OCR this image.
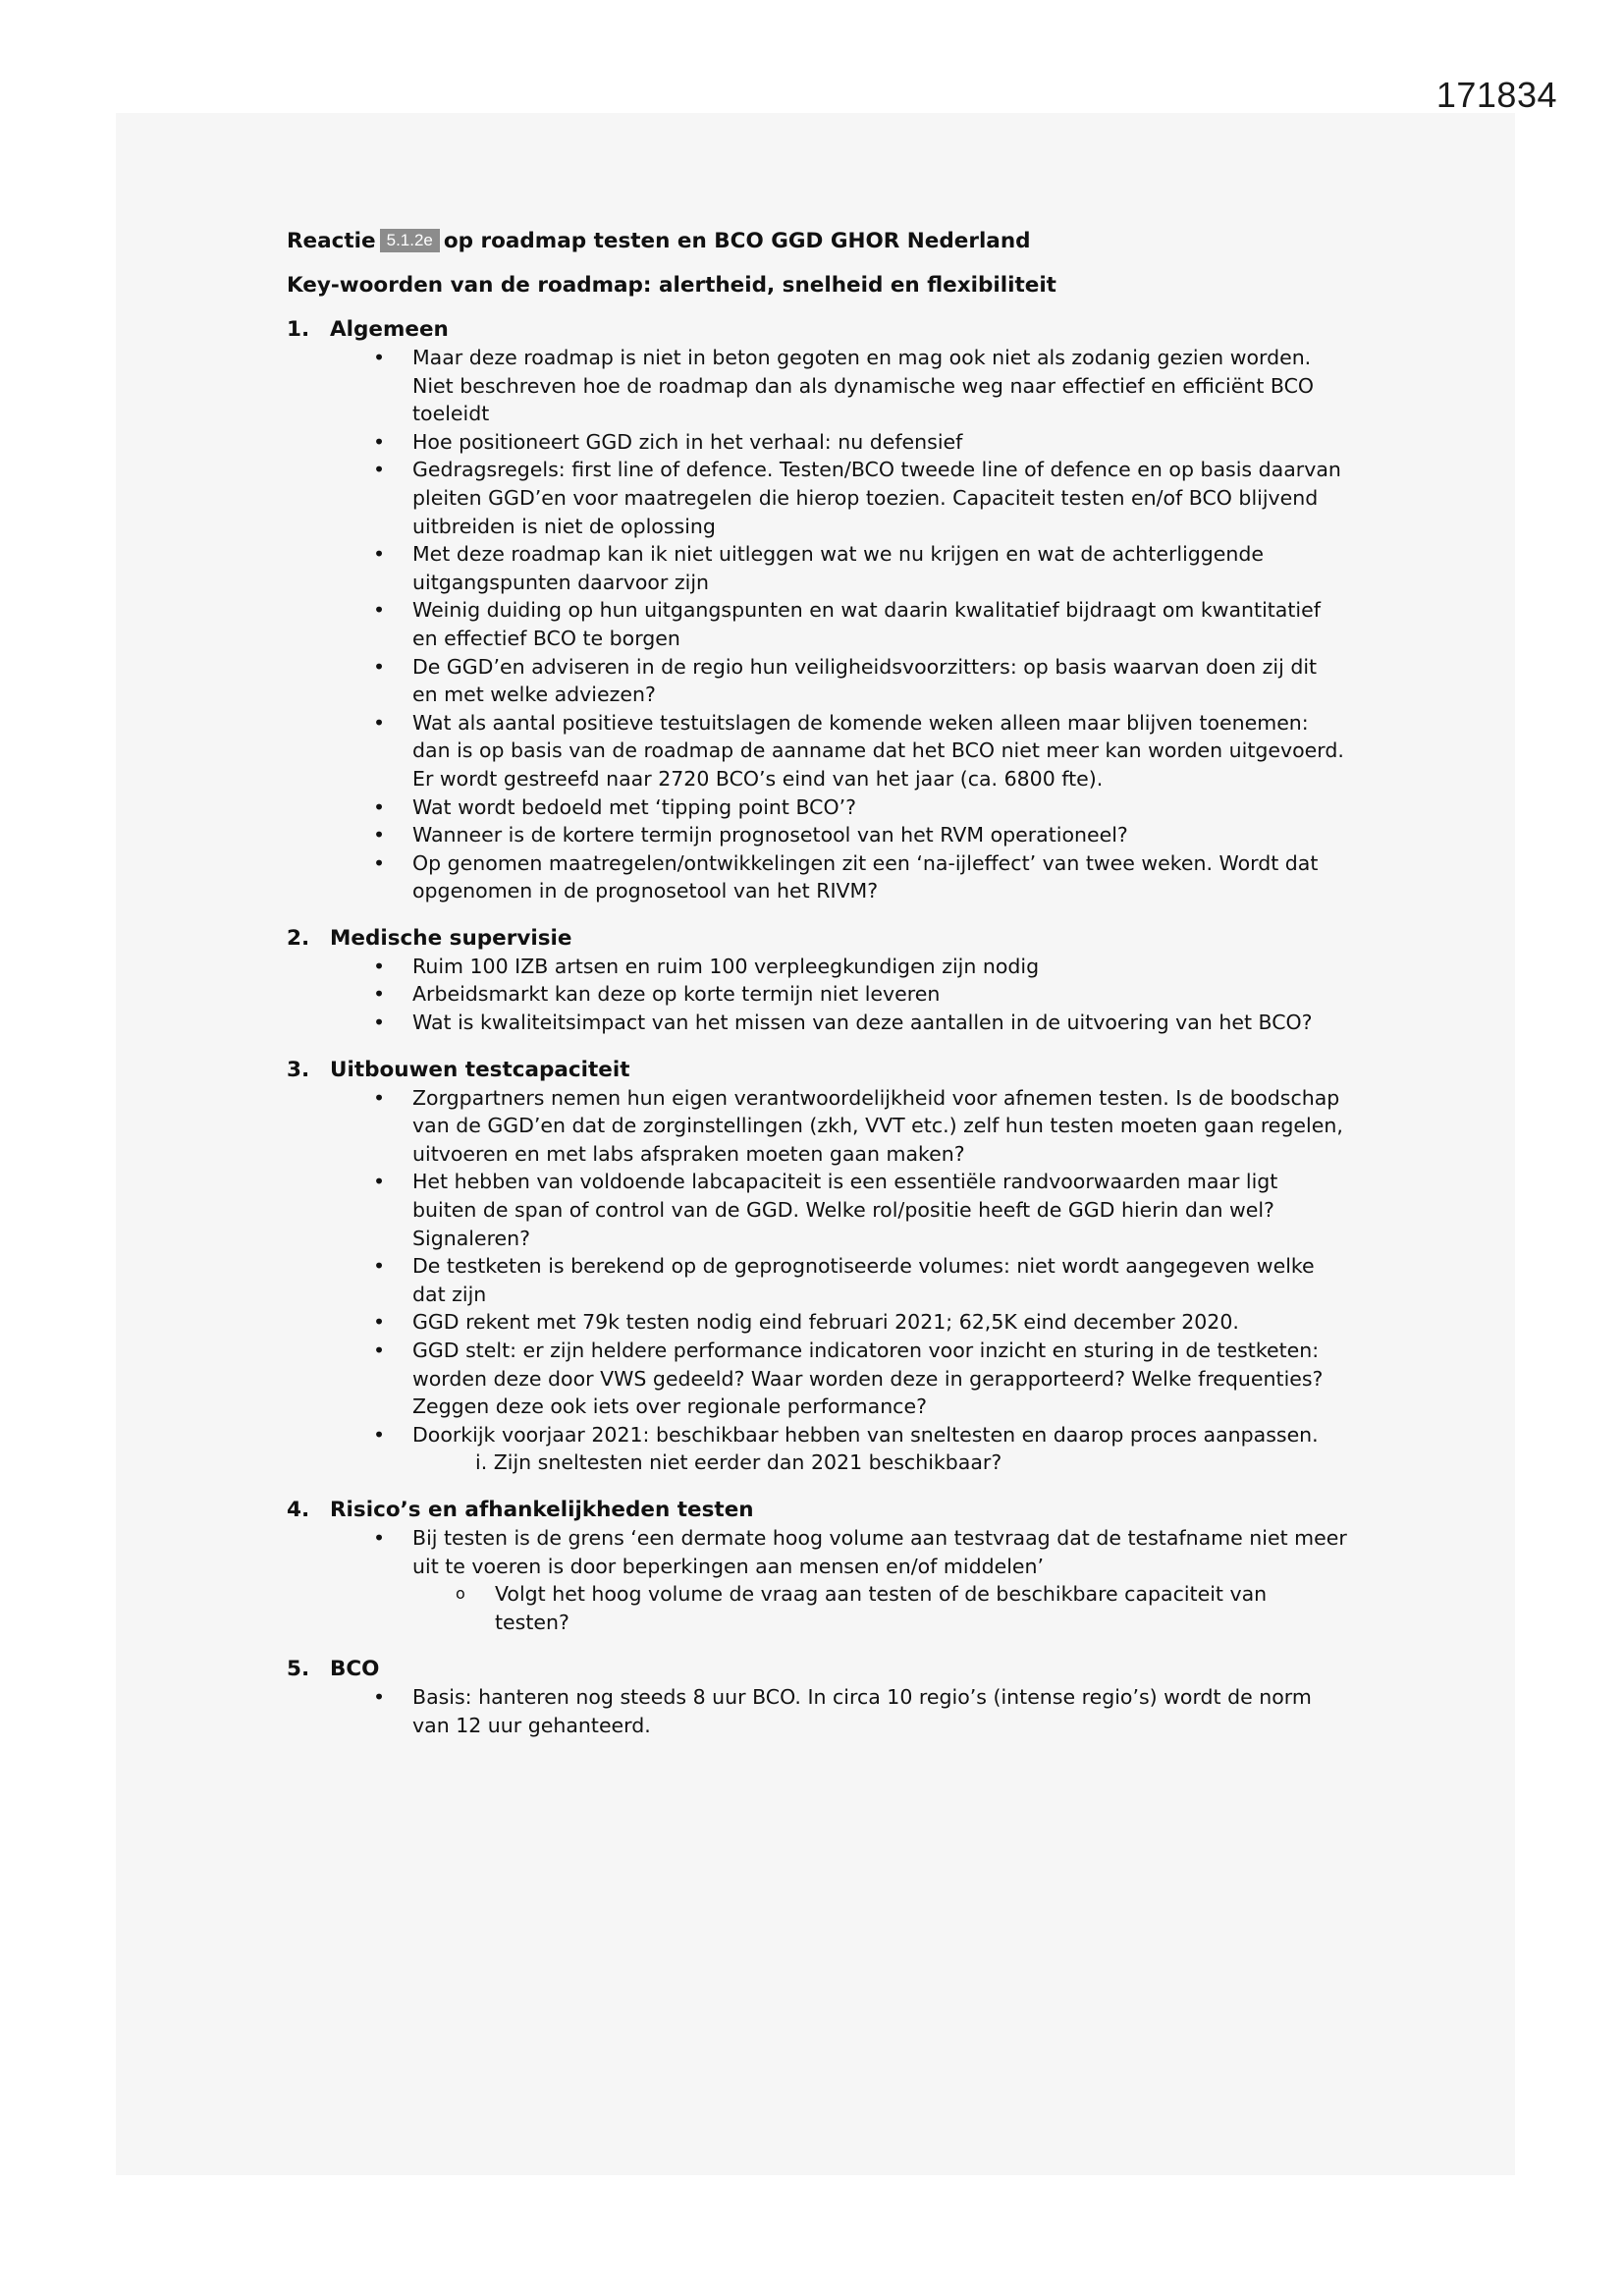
171834
Reactie 5.1.2e op roadmap testen en BCO GGD GHOR Nederland
Key-woorden van de roadmap: alertheid, snelheid en flexibiliteit
1. Algemeen

• Maar deze roadmap is niet in beton gegoten en mag ook niet als zodanig gezien worden.

Niet beschreven hoe de roadmap dan als dynamische weg naar effectief en efficiënt BCO toeleidt

• Hoe positioneert GGD zich in het verhaal: nu defensief

• Gedragsregels: first line of defence. Testen/BCO tweede line of defence en op basis daarvan pleiten GGD’en voor maatregelen die hierop toezien. Capaciteit testen en/of BCO blijvend uitbreiden is niet de oplossing

• Met deze roadmap kan ik niet uitleggen wat we nu krijgen en wat de achterliggende uitgangspunten daarvoor zijn

• Weinig duiding op hun uitgangspunten en wat daarin kwalitatief bijdraagt om kwantitatief en effectief BCO te borgen

• De GGD’en adviseren in de regio hun veiligheidsvoorzitters: op basis waarvan doen zij dit en met welke adviezen?

• Wat als aantal positieve testuitslagen de komende weken alleen maar blijven toenemen: dan is op basis van de roadmap de aanname dat het BCO niet meer kan worden uitgevoerd. Er wordt gestreefd naar 2720 BCO’s eind van het jaar (ca. 6800 fte).

• Wat wordt bedoeld met ‘tipping point BCO’?

• Wanneer is de kortere termijn prognosetool van het RVM operationeel?

• Op genomen maatregelen/ontwikkelingen zit een ‘na-ijleffect’ van twee weken. Wordt dat opgenomen in de prognosetool van het RIVM?

2. Medische supervisie

• Ruim 100 IZB artsen en ruim 100 verpleegkundigen zijn nodig

• Arbeidsmarkt kan deze op korte termijn niet leveren

• Wat is kwaliteitsimpact van het missen van deze aantallen in de uitvoering van het BCO?

3. Uitbouwen testcapaciteit

• Zorgpartners nemen hun eigen verantwoordelijkheid voor afnemen testen. Is de boodschap van de GGD’en dat de zorginstellingen (zkh, VVT etc.) zelf hun testen moeten gaan regelen, uitvoeren en met labs afspraken moeten gaan maken?

• Het hebben van voldoende labcapaciteit is een essentiële randvoorwaarden maar ligt buiten de span of control van de GGD. Welke rol/positie heeft de GGD hierin dan wel? Signaleren?

• De testketen is berekend op de geprognotiseerde volumes: niet wordt aangegeven welke dat zijn

• GGD rekent met 79k testen nodig eind februari 2021; 62,5K eind december 2020.

• GGD stelt: er zijn heldere performance indicatoren voor inzicht en sturing in de testketen: worden deze door VWS gedeeld? Waar worden deze in gerapporteerd? Welke frequenties? Zeggen deze ook iets over regionale performance?

• Doorkijk voorjaar 2021: beschikbaar hebben van sneltesten en daarop proces aanpassen.

i. Zijn sneltesten niet eerder dan 2021 beschikbaar?

4. Risico’s en afhankelijkheden testen

• Bij testen is de grens ‘een dermate hoog volume aan testvraag dat de testafname niet meer uit te voeren is door beperkingen aan mensen en/of middelen’

o Volgt het hoog volume de vraag aan testen of de beschikbare capaciteit van testen?

5. BCO

• Basis: hanteren nog steeds 8 uur BCO. In circa 10 regio’s (intense regio’s) wordt de norm van 12 uur gehanteerd.
